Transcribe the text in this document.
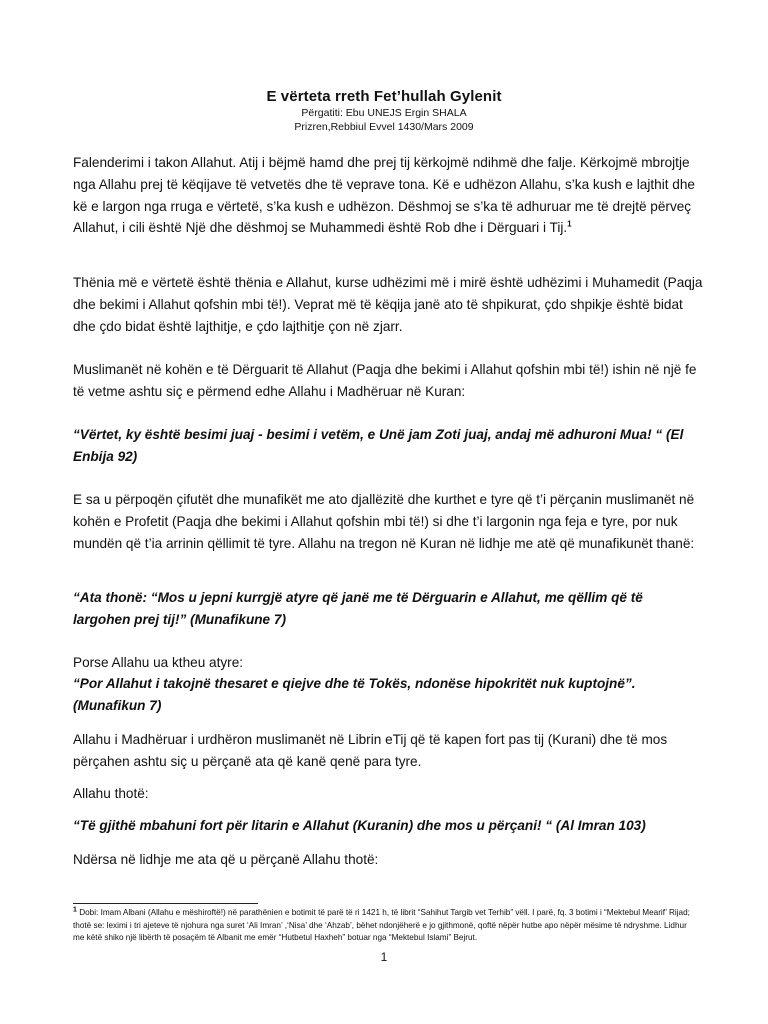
E vërteta rreth Fet’hullah Gylenit
Përgatiti: Ebu UNEJS Ergin SHALA
Prizren,Rebbiul Evvel 1430/Mars 2009

Falenderimi i takon Allahut. Atij i bëjmë hamd dhe prej tij kërkojmë ndihmë dhe falje. Kërkojmë mbrojtje nga Allahu prej të këqijave të vetvetës dhe të veprave tona. Kë e udhëzon Allahu, s’ka kush e lajthit dhe kë e largon nga rruga e vërtetë, s’ka kush e udhëzon. Dëshmoj se s’ka të adhuruar me të drejtë përveç Allahut, i cili është Një dhe dëshmoj se Muhammedi është Rob dhe i Dërguari i Tij.$^1$

Thënia më e vërtetë është thënia e Allahut, kurse udhëzimi më i mirë është udhëzimi i Muhamedit (Paqja dhe bekimi i Allahut qofshin mbi të!). Veprat më të këqija janë ato të shpikurat, çdo shpikje është bidat dhe çdo bidat është lajthitje, e çdo lajthitje çon në zjarr.

Muslimanët në kohën e të Dërguarit të Allahut (Paqja dhe bekimi i Allahut qofshin mbi të!) ishin në një fe të vetme ashtu siç e përmend edhe Allahu i Madhëruar në Kuran:

“Vërtet, ky është besimi juaj - besimi i vetëm, e Unë jam Zoti juaj, andaj më adhuroni Mua! “ (El Enbija 92)

E sa u përpoqën çifutët dhe munafikët me ato djallëzitë dhe kurthet e tyre që t’i përçanin muslimanët në kohën e Profetit (Paqja dhe bekimi i Allahut qofshin mbi të!) si dhe t’i largonin nga feja e tyre, por nuk mundën që t’ia arrinin qëllimit të tyre. Allahu na tregon në Kuran në lidhje me atë që munafikunët thanë:

“Ata thonë: “Mos u jepni kurrgjë atyre që janë me të Dërguarin e Allahut, me qëllim që të largohen prej tij!” (Munafikune 7)

Porse Allahu ua ktheu atyre:

“Por Allahut i takojnë thesaret e qiejve dhe të Tokës, ndonëse hipokritët nuk kuptojnë”. (Munafikun 7)

Allahu i Madhëruar i urdhëron muslimanët në Librin eTij që të kapen fort pas tij (Kurani) dhe të mos përçahen ashtu siç u përçanë ata që kanë qenë para tyre.

Allahu thotë:

“Të gjithë mbahuni fort për litarin e Allahut (Kuranin) dhe mos u përçani! “ (Al Imran 103)

Ndërsa në lidhje me ata që u përçanë Allahu thotë:

$^1$ Dobi: Imam Albani (Allahu e mëshiroftë!) në parathënien e botimit të parë të ri 1421 h, të librit “Sahihut Targib vet Terhib” vëll. I parë, fq. 3 botimi i “Mektebul Mearif’ Rijad; thotë se: leximi i tri ajeteve të njohura nga suret ‘Ali Imran’ ,‘Nisa’ dhe ‘Ahzab’, bëhet ndonjëherë e jo gjithmonë, qoftë nëpër hutbe apo nëpër mësime të ndryshme. Lidhur me këtë shiko një libërth të posaçëm të Albanit me emër “Hutbetul Haxheh” botuar nga “Mektebul Islami” Bejrut.
1
